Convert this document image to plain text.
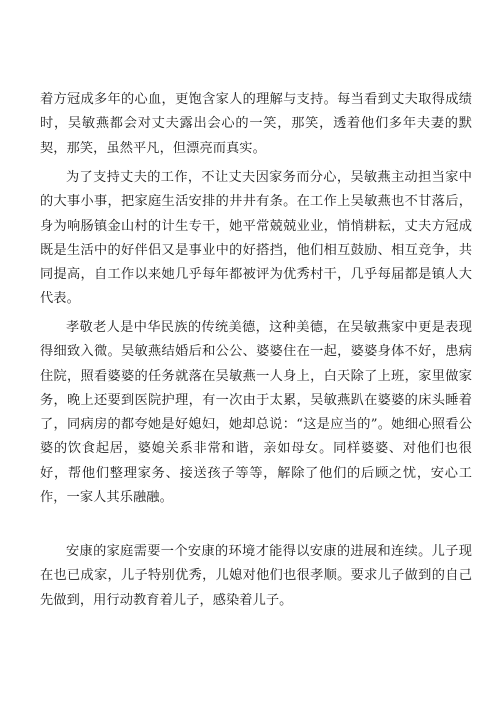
着方冠成多年的心血，更饱含家人的理解与支持。每当看到丈夫取得成绩时，吴敏燕都会对丈夫露出会心的一笑，那笑，透着他们多年夫妻的默契，那笑，虽然平凡，但漂亮而真实。

为了支持丈夫的工作，不让丈夫因家务而分心，吴敏燕主动担当家中的大事小事，把家庭生活安排的井井有条。在工作上吴敏燕也不甘落后，身为响肠镇金山村的计生专干，她平常兢兢业业，悄悄耕耘，丈夫方冠成既是生活中的好伴侣又是事业中的好搭挡，他们相互鼓励、相互竞争，共同提高，自工作以来她几乎每年都被评为优秀村干，几乎每届都是镇人大代表。

孝敬老人是中华民族的传统美德，这种美德，在吴敏燕家中更是表现得细致入微。吴敏燕结婚后和公公、婆婆住在一起，婆婆身体不好，患病住院，照看婆婆的任务就落在吴敏燕一人身上，白天除了上班，家里做家务，晚上还要到医院护理，有一次由于太累，吴敏燕趴在婆婆的床头睡着了，同病房的都夸她是好媳妇，她却总说：“这是应当的”。她细心照看公婆的饮食起居，婆媳关系非常和谐，亲如母女。同样婆婆、对他们也很好，帮他们整理家务、接送孩子等等，解除了他们的后顾之忧，安心工作，一家人其乐融融。

安康的家庭需要一个安康的环境才能得以安康的进展和连续。儿子现在也已成家，儿子特别优秀，儿媳对他们也很孝顺。要求儿子做到的自己先做到，用行动教育着儿子，感染着儿子。
